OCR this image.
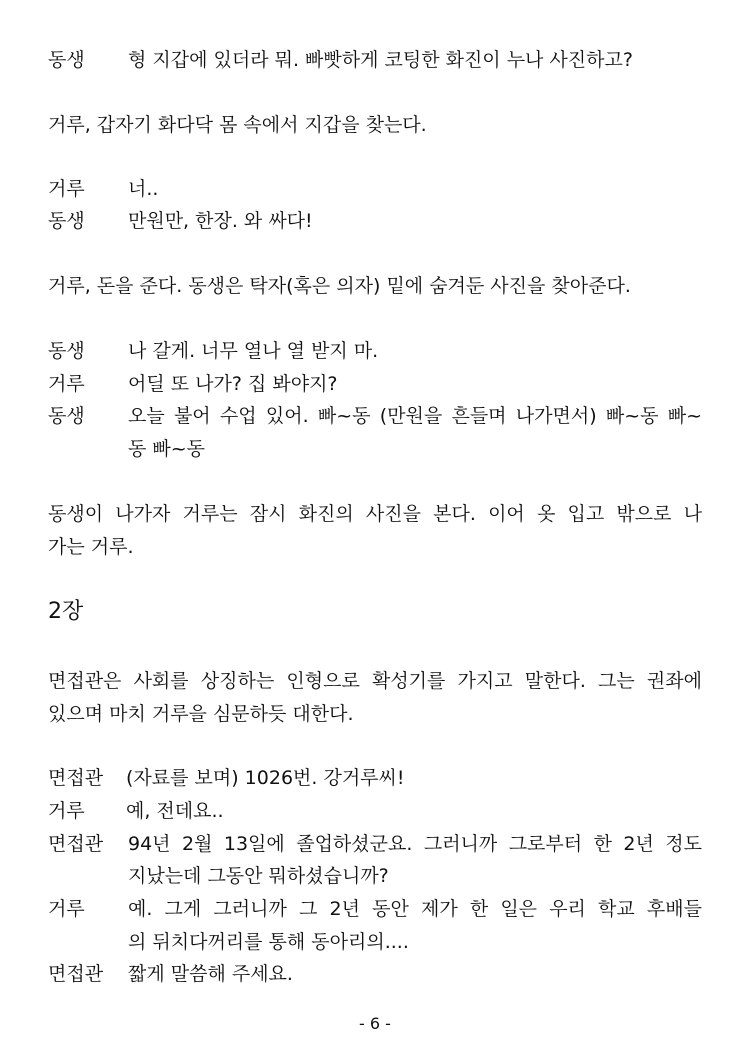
동생 형 지갑에 있더라 뭐. 빠빳하게 코팅한 화진이 누나 사진하고?
거루, 갑자기 화다닥 몸 속에서 지갑을 찾는다.
거루 너..
동생 만원만, 한장. 와 싸다!
거루, 돈을 준다. 동생은 탁자(혹은 의자) 밑에 숨겨둔 사진을 찾아준다.
동생 나 갈게. 너무 열나 열 받지 마.
거루 어딜 또 나가? 집 봐야지?
동생 오늘 불어 수업 있어. 빠~동 (만원을 흔들며 나가면서) 빠~동 빠~
동 빠~동
동생이 나가자 거루는 잠시 화진의 사진을 본다. 이어 옷 입고 밖으로 나
가는 거루.
2장
면접관은 사회를 상징하는 인형으로 확성기를 가지고 말한다. 그는 권좌에
있으며 마치 거루을 심문하듯 대한다.
면접관 (자료를 보며) 1026번. 강거루씨!
거루 예, 전데요..
면접관 94년 2월 13일에 졸업하셨군요. 그러니까 그로부터 한 2년 정도
지났는데 그동안 뭐하셨습니까?
거루 예. 그게 그러니까 그 2년 동안 제가 한 일은 우리 학교 후배들
의 뒤치다꺼리를 통해 동아리의....
면접관 짧게 말씀해 주세요.
- 6 -
